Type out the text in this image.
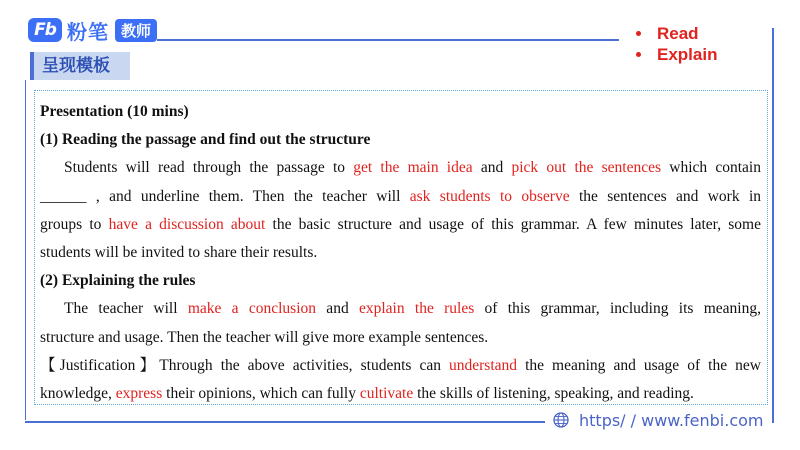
Fb 粉笔 教师
呈现模板
Read
Explain
Presentation (10 mins)
(1) Reading the passage and find out the structure
Students will read through the passage to get the main idea and pick out the sentences which contain
______ , and underline them. Then the teacher will ask students to observe the sentences and work in
groups to have a discussion about the basic structure and usage of this grammar. A few minutes later, some
students will be invited to share their results.
(2) Explaining the rules
The teacher will make a conclusion and explain the rules of this grammar, including its meaning,
structure and usage. Then the teacher will give more example sentences.
【Justification】Through the above activities, students can understand the meaning and usage of the new
knowledge, express their opinions, which can fully cultivate the skills of listening, speaking, and reading.
https∕ / www.fenbi.com
